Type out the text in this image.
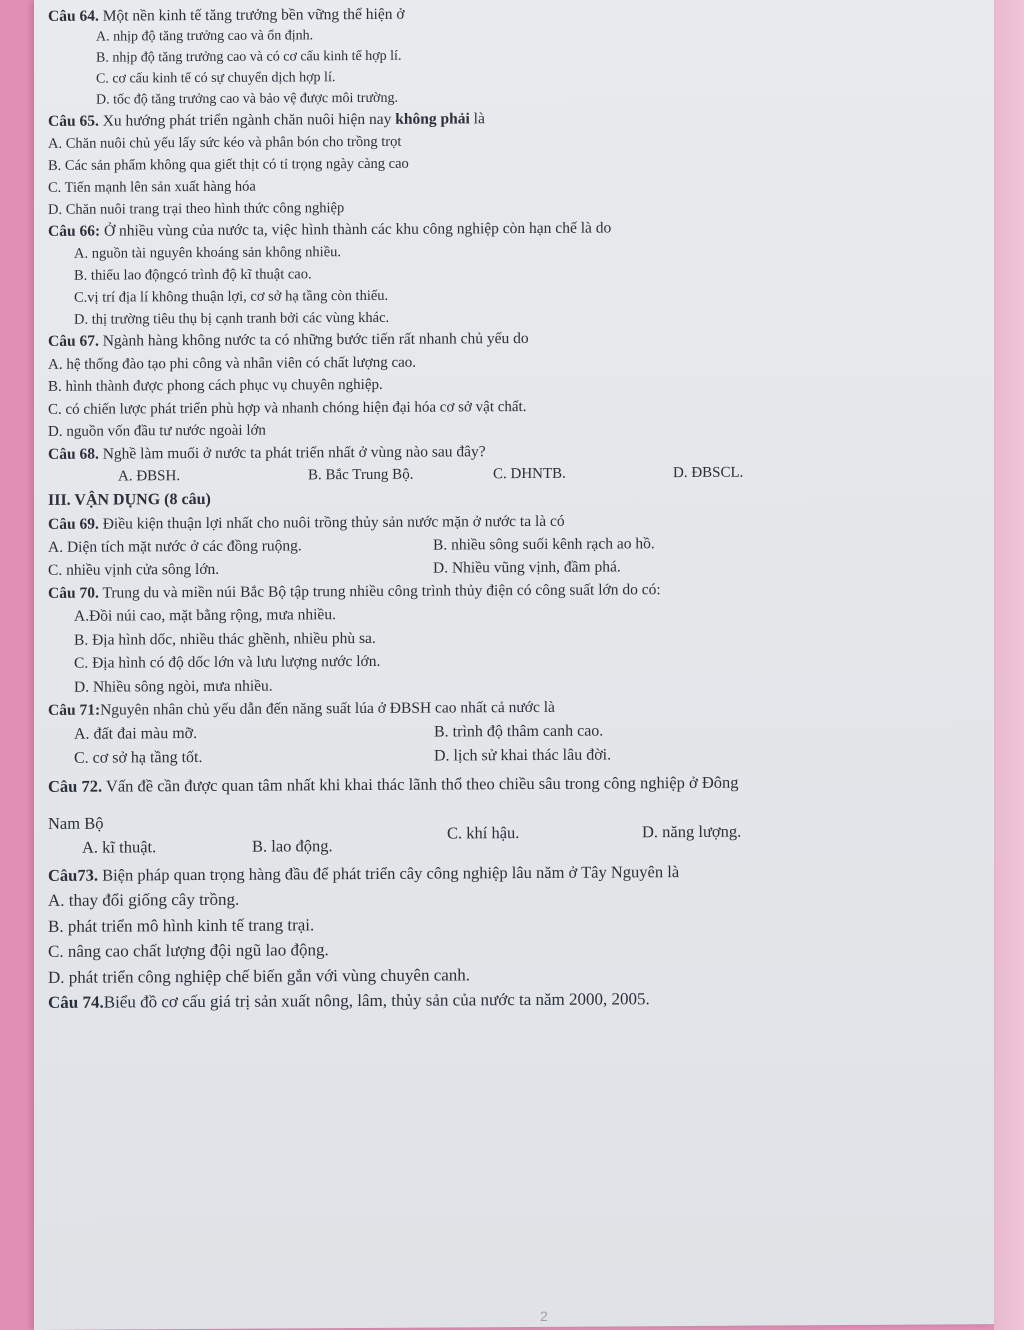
Câu 64. Một nền kinh tế tăng trưởng bền vững thể hiện ở
A. nhịp độ tăng trưởng cao và ổn định.
B. nhịp độ tăng trưởng cao và có cơ cấu kinh tế hợp lí.
C. cơ cấu kinh tế có sự chuyển dịch hợp lí.
D. tốc độ tăng trưởng cao và bảo vệ được môi trường.
Câu 65. Xu hướng phát triển ngành chăn nuôi hiện nay không phải là
A. Chăn nuôi chủ yếu lấy sức kéo và phân bón cho trồng trọt
B. Các sản phẩm không qua giết thịt có tỉ trọng ngày càng cao
C. Tiến mạnh lên sản xuất hàng hóa
D. Chăn nuôi trang trại theo hình thức công nghiệp
Câu 66: Ở nhiều vùng của nước ta, việc hình thành các khu công nghiệp còn hạn chế là do
A. nguồn tài nguyên khoáng sản không nhiều.
B. thiếu lao độngcó trình độ kĩ thuật cao.
C.vị trí địa lí không thuận lợi, cơ sở hạ tầng còn thiếu.
D. thị trường tiêu thụ bị cạnh tranh bởi các vùng khác.
Câu 67. Ngành hàng không nước ta có những bước tiến rất nhanh chủ yếu do
A. hệ thống đào tạo phi công và nhân viên có chất lượng cao.
B. hình thành được phong cách phục vụ chuyên nghiệp.
C. có chiến lược phát triển phù hợp và nhanh chóng hiện đại hóa cơ sở vật chất.
D. nguồn vốn đầu tư nước ngoài lớn
Câu 68. Nghề làm muối ở nước ta phát triển nhất ở vùng nào sau đây?
A. ĐBSH.	B. Bắc Trung Bộ.	C. DHNTB.	D. ĐBSCL.
III. VẬN DỤNG (8 câu)
Câu 69. Điều kiện thuận lợi nhất cho nuôi trồng thủy sản nước mặn ở nước ta là có
A. Diện tích mặt nước ở các đồng ruộng.	B. nhiều sông suối kênh rạch ao hồ.
C. nhiều vịnh cửa sông lớn.	D. Nhiều vũng vịnh, đầm phá.
Câu 70. Trung du và miền núi Bắc Bộ tập trung nhiều công trình thủy điện có công suất lớn do có:
A.Đồi núi cao, mặt bằng rộng, mưa nhiều.
B. Địa hình dốc, nhiều thác ghềnh, nhiều phù sa.
C. Địa hình có độ dốc lớn và lưu lượng nước lớn.
D. Nhiều sông ngòi, mưa nhiều.
Câu 71:Nguyên nhân chủ yếu dẫn đến năng suất lúa ở ĐBSH cao nhất cả nước là
A. đất đai màu mỡ.	B. trình độ thâm canh cao.
C. cơ sở hạ tầng tốt.	D. lịch sử khai thác lâu đời.
Câu 72. Vấn đề cần được quan tâm nhất khi khai thác lãnh thổ theo chiều sâu trong công nghiệp ở Đông
Nam Bộ
A. kĩ thuật.	B. lao động.
C. khí hậu.	D. năng lượng.
Câu73. Biện pháp quan trọng hàng đầu để phát triển cây công nghiệp lâu năm ở Tây Nguyên là
A. thay đổi giống cây trồng.
B. phát triển mô hình kinh tế trang trại.
C. nâng cao chất lượng đội ngũ lao động.
D. phát triển công nghiệp chế biến gắn với vùng chuyên canh.
Câu 74.Biểu đồ cơ cấu giá trị sản xuất nông, lâm, thủy sản của nước ta năm 2000, 2005.
2
